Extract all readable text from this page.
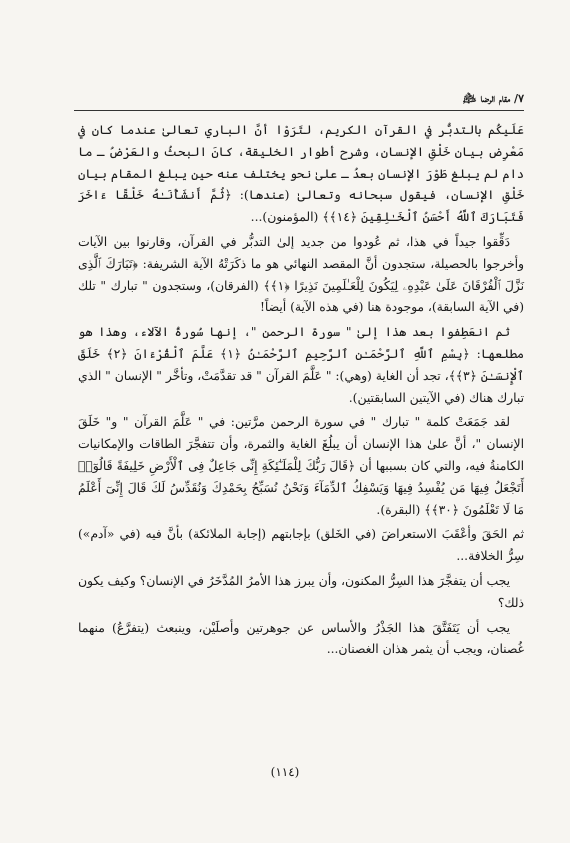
٧/ مقام الرضا ﵇

عَلَيكُم بالتدبُّر في القرآن الكريم، لتَرَوْا أنَّ الباري تعالىٰ عندما كان في مَعْرِض بيان خَلْقِ الإنسان، وشرح أطوار الخليقة، كانَ البحثُ والعَرْضُ ـ ما دام لم يبلغ طَوْرَ الإنسان بعدُ ـ علىٰ نحو يختلف عنه حين يبلغ المقام بيان خَلْقِ الإنسان، فيقول سبحانه وتعالىٰ (عندها): ﴿ثُمَّ أَنشَأْنَـٰهُ خَلْقًا ءَاخَرَ فَتَبَارَكَ ٱللَّهُ أَحْسَنُ ٱلْخَـٰلِقِينَ ﴿١٤﴾﴾ (المؤمنون)...

دَقِّقوا جيداً في هذا، ثم عُودوا من جديد إلىٰ التدبُّر في القرآن، وقارنوا بين الآيات وأخرجوا بالحصيلة، ستجدون أنَّ المقصد النهائي هو ما ذكَرَتْهُ الآية الشريفة: ﴿تَبَارَكَ ٱلَّذِى نَزَّلَ ٱلْفُرْقَانَ عَلَىٰ عَبْدِهِۦ لِيَكُونَ لِلْعَـٰلَمِينَ نَذِيرًا ﴿١﴾﴾ (الفرقان)، وستجدون " تبارك " تلك (في الآية السابقة)، موجودة هنا (في هذه الآية) أيضاً!

ثم انعَطِفوا بعد هذا إلىٰ " سورة الرحمن "، إنها سُورةُ الآلاء، وهذا هو مطلعها: ﴿بِسْمِ ٱللَّهِ ٱلرَّحْمَـٰنِ ٱلرَّحِيمِ ٱلرَّحْمَـٰنُ ﴿١﴾ عَلَّمَ ٱلْقُرْءَانَ ﴿٢﴾ خَلَقَ ٱلْإِنسَـٰنَ ﴿٣﴾﴾، تجد أن الغاية (وهي): " عَلَّمَ القرآن " قد تقدَّمَتْ، وتأخَّر " الإنسان " الذي تبارك هناك (في الآيتين السابقتين).

لقد جَمَعَتْ كلمة " تبارك " في سورة الرحمن مرَّتين: في " عَلَّمَ القرآن " و" خَلَقَ الإنسان "، أنَّ علىٰ هذا الإنسان أن يبلُغَ الغاية والثمرة، وأن تتفجَّرَ الطاقات والإمكانيات الكامنةُ فيه، والتي كان بسببها أن ﴿قَالَ رَبُّكَ لِلْمَلَـٰٓئِكَةِ إِنِّى جَاعِلٌ فِى ٱلْأَرْضِ خَلِيفَةً قَالُوٓا۟ أَتَجْعَلُ فِيهَا مَن يُفْسِدُ فِيهَا وَيَسْفِكُ ٱلدِّمَآءَ وَنَحْنُ نُسَبِّحُ بِحَمْدِكَ وَنُقَدِّسُ لَكَ قَالَ إِنِّىٓ أَعْلَمُ مَا لَا تَعْلَمُونَ ﴿٣٠﴾﴾ (البقرة).

ثم الحَقَ وأعْقَبَ الاستعراضَ (في الخَلق) بإجابتهم (إجابة الملائكة) بأنَّ فيه (في «آدم») سِرُّ الخلافة...

يجب أن يتفجَّرَ هذا السِرُّ المكنون، وأن يبرز هذا الأمرُ المُدَّخَرُ في الإنسان؟ وكيف يكون ذلك؟

يجب أن يَتَفَتَّقَ هذا الجَذْرُ والأساس عن جوهرتين وأصلَيْن، وينبعث (يتفرَّعُ) منهما غُصنان، ويجب أن يثمر هذان الغصنان...

(١١٤)
